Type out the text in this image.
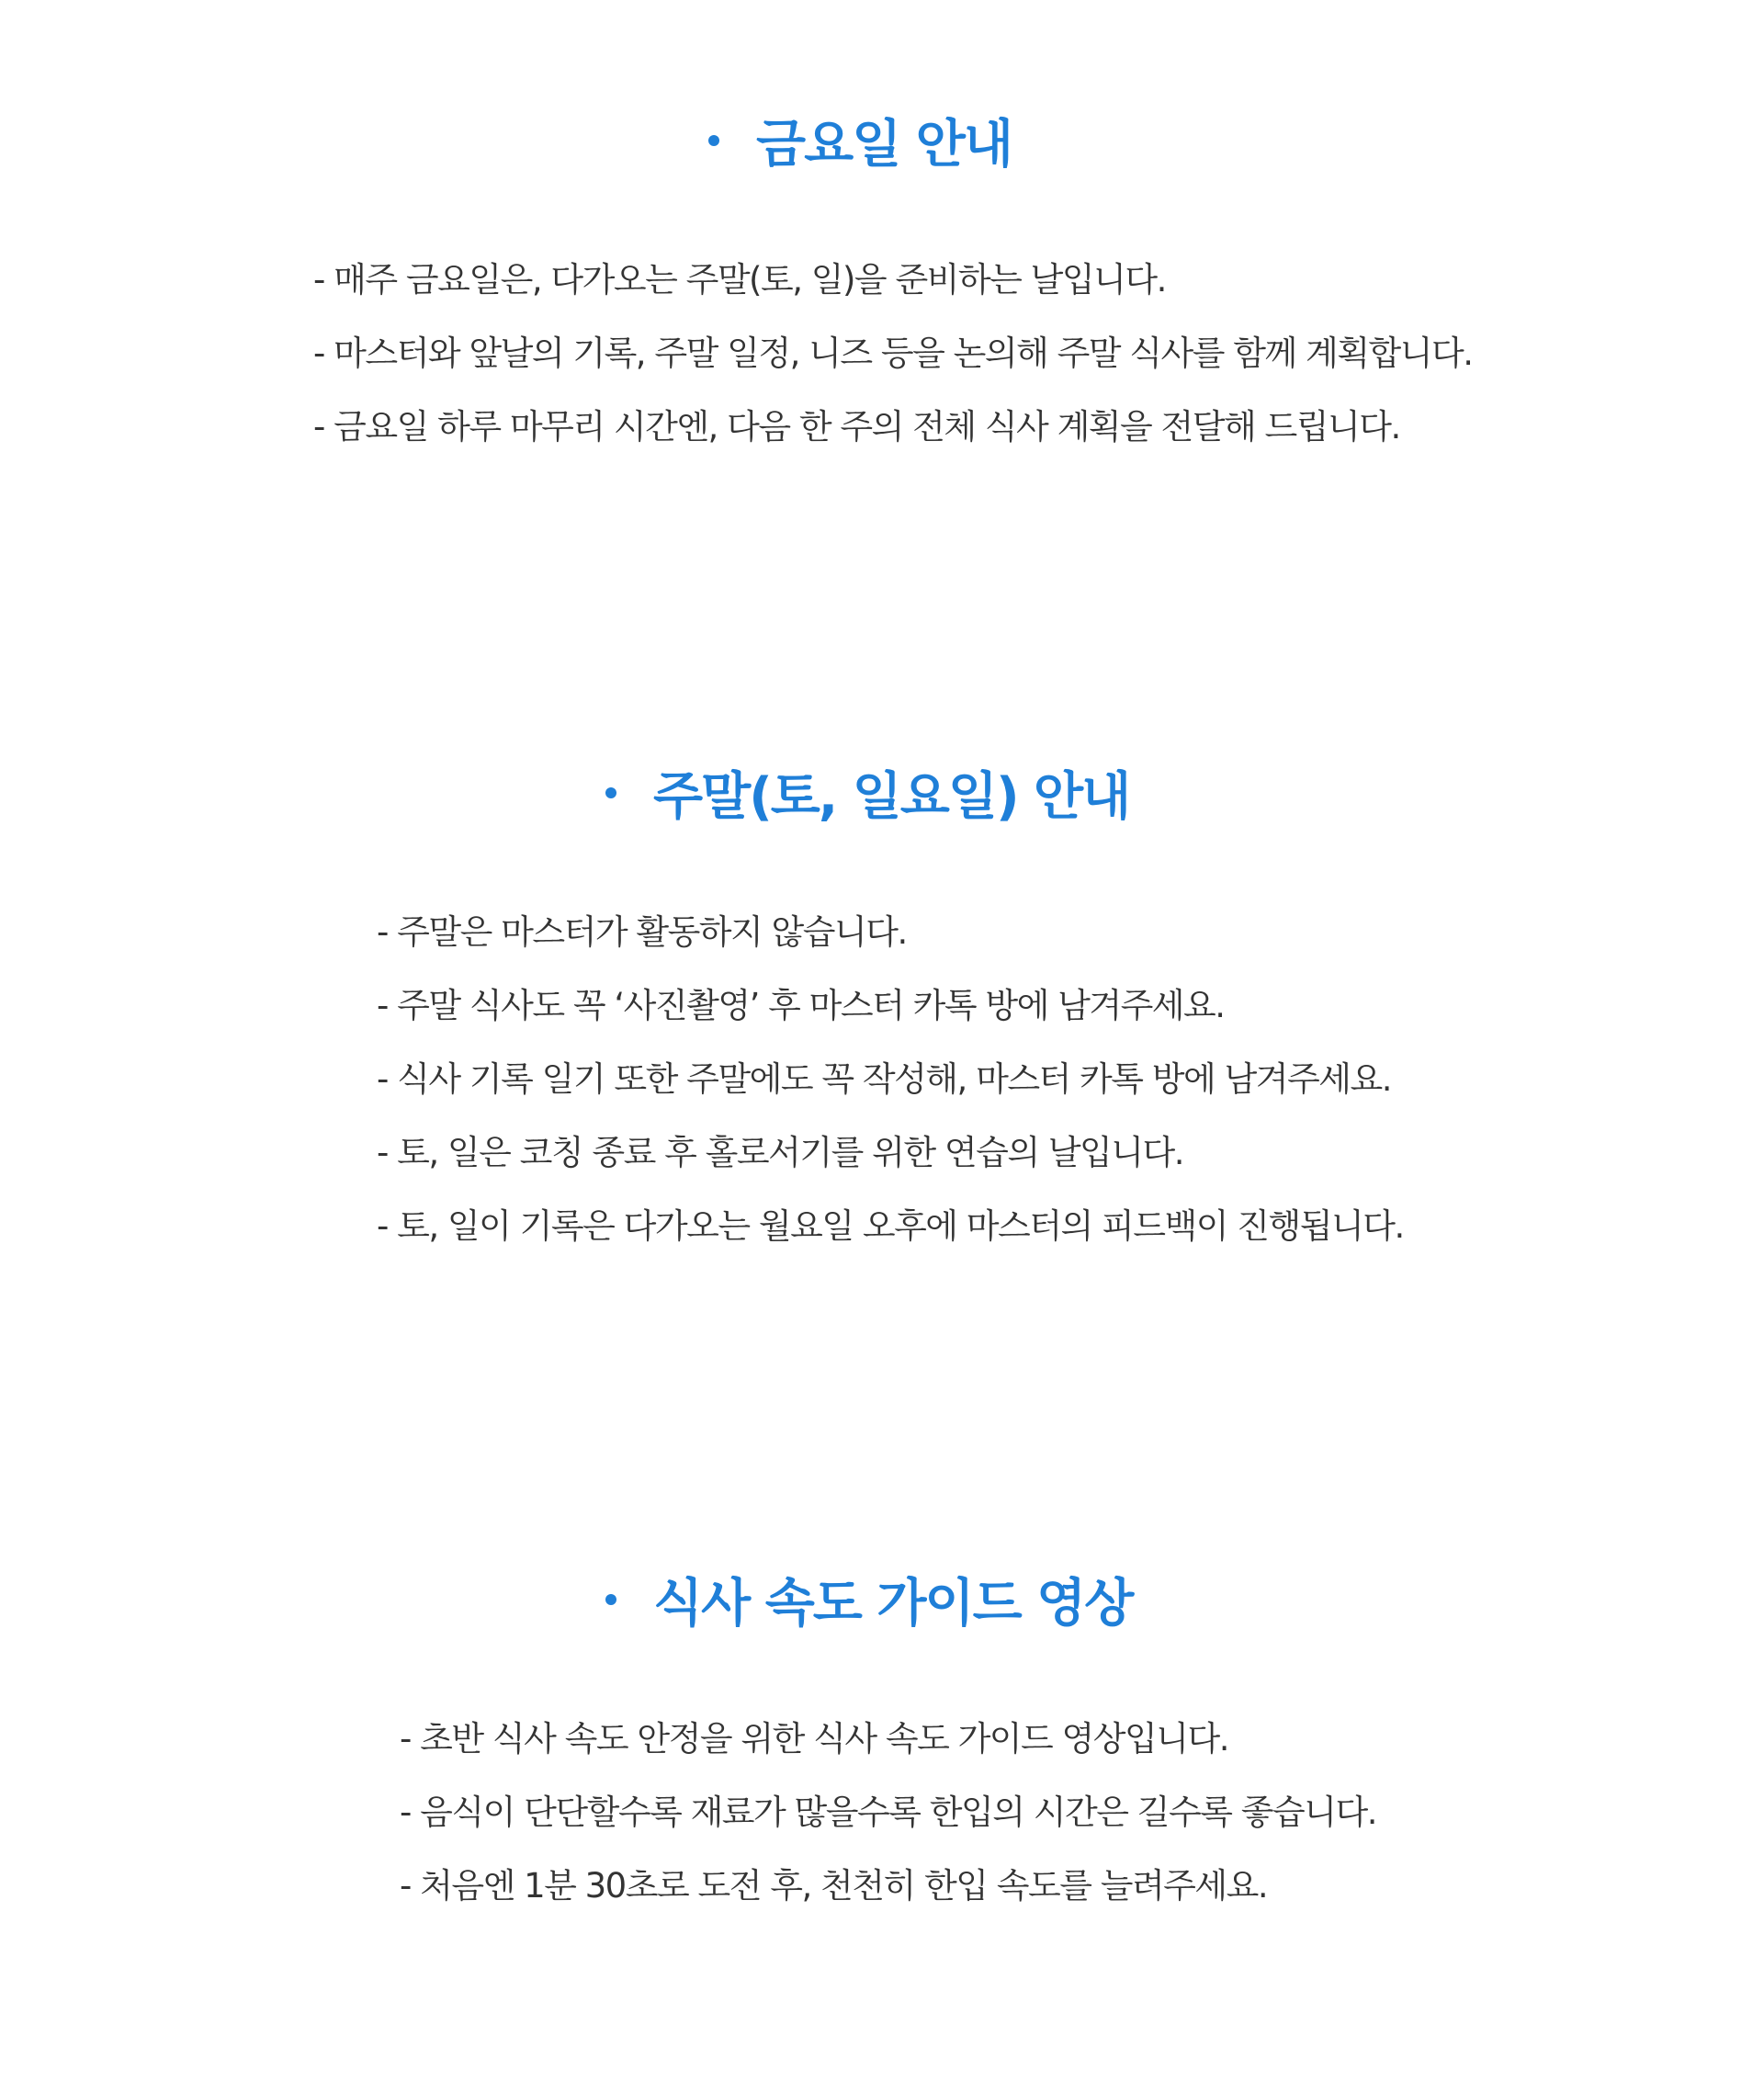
금요일 안내
- 매주 금요일은, 다가오는 주말(토, 일)을 준비하는 날입니다.
- 마스터와 앞날의 기록, 주말 일정, 니즈 등을 논의해 주말 식사를 함께 계획합니다.
- 금요일 하루 마무리 시간엔, 다음 한 주의 전체 식사 계획을 전달해 드립니다.
주말(토, 일요일) 안내
- 주말은 마스터가 활동하지 않습니다.
- 주말 식사도 꼭 ‘사진촬영’ 후 마스터 카톡 방에 남겨주세요.
- 식사 기록 일기 또한 주말에도 꼭 작성해, 마스터 카톡 방에 남겨주세요.
- 토, 일은 코칭 종료 후 홀로서기를 위한 연습의 날입니다.
- 토, 일이 기록은 다가오는 월요일 오후에 마스터의 피드백이 진행됩니다.
식사 속도 가이드 영상
- 초반 식사 속도 안정을 위한 식사 속도 가이드 영상입니다.
- 음식이 단단할수록 재료가 많을수록 한입의 시간은 길수록 좋습니다.
- 처음엔 1분 30초로 도전 후, 천천히 한입 속도를 늘려주세요.
